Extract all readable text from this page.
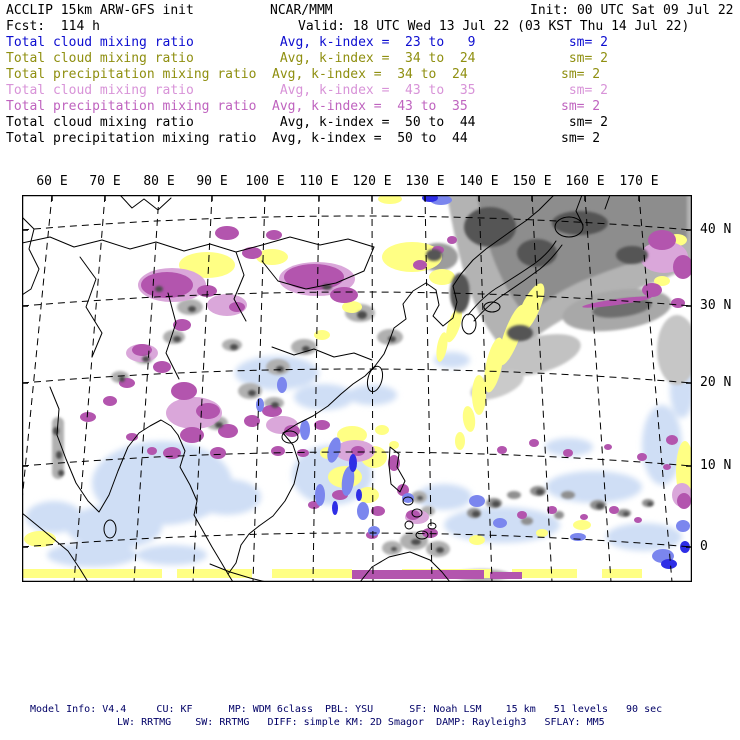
ACCLIP 15km ARW-GFS init	NCAR/MMM	Init: 00 UTC Sat 09 Jul 22
Fcst:  114 h	Valid: 18 UTC Wed 13 Jul 22 (03 KST Thu 14 Jul 22)
Total cloud mixing ratio	Avg, k-index =  23 to   9	sm= 2
Total cloud mixing ratio	Avg, k-index =  34 to  24	sm= 2
Total precipitation mixing ratio Avg, k-index =  34 to  24	sm= 2
Total cloud mixing ratio	Avg, k-index =  43 to  35	sm= 2
Total precipitation mixing ratio Avg, k-index =  43 to  35	sm= 2
Total cloud mixing ratio	Avg, k-index =  50 to  44	sm= 2
Total precipitation mixing ratio Avg, k-index =  50 to  44	sm= 2
60 E 70 E 80 E 90 E 100 E 110 E 120 E 130 E 140 E 150 E 160 E 170 E
40 N
30 N
20 N
10 N
0
Model Info: V4.4     CU: KF      MP: WDM 6class  PBL: YSU      SF: Noah LSM    15 km   51 levels   90 sec
LW: RRTMG    SW: RRTMG   DIFF: simple KM: 2D Smagor  DAMP: Rayleigh3   SFLAY: MM5
